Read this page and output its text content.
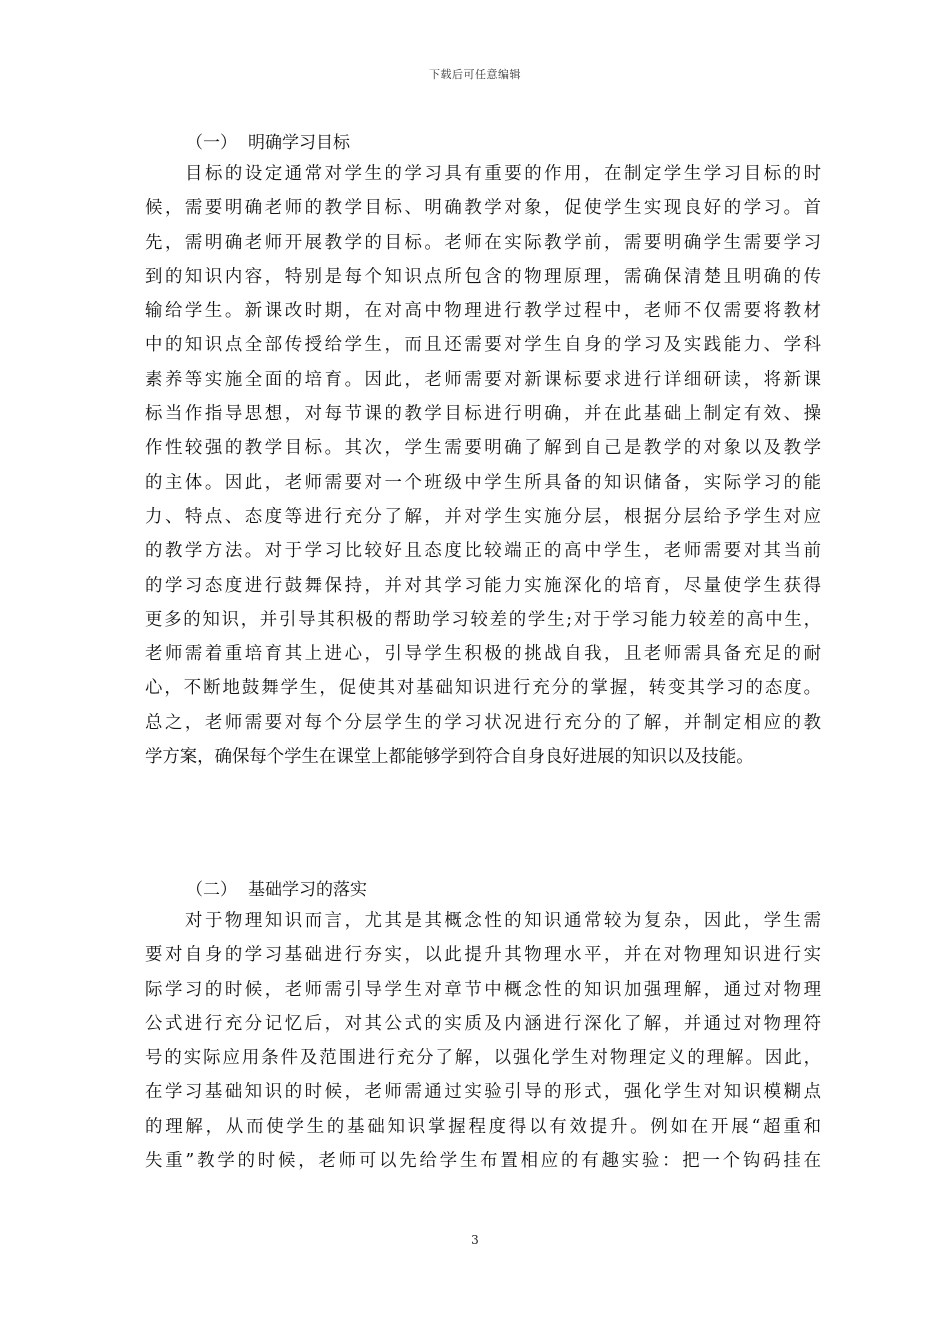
下载后可任意编辑
（一） 明确学习目标
目标的设定通常对学生的学习具有重要的作用，在制定学生学习目标的时
候，需要明确老师的教学目标、明确教学对象，促使学生实现良好的学习。首
先，需明确老师开展教学的目标。老师在实际教学前，需要明确学生需要学习
到的知识内容，特别是每个知识点所包含的物理原理，需确保清楚且明确的传
输给学生。新课改时期，在对高中物理进行教学过程中，老师不仅需要将教材
中的知识点全部传授给学生，而且还需要对学生自身的学习及实践能力、学科
素养等实施全面的培育。因此，老师需要对新课标要求进行详细研读，将新课
标当作指导思想，对每节课的教学目标进行明确，并在此基础上制定有效、操
作性较强的教学目标。其次，学生需要明确了解到自己是教学的对象以及教学
的主体。因此，老师需要对一个班级中学生所具备的知识储备，实际学习的能
力、特点、态度等进行充分了解，并对学生实施分层，根据分层给予学生对应
的教学方法。对于学习比较好且态度比较端正的高中学生，老师需要对其当前
的学习态度进行鼓舞保持，并对其学习能力实施深化的培育，尽量使学生获得
更多的知识，并引导其积极的帮助学习较差的学生;对于学习能力较差的高中生，
老师需着重培育其上进心，引导学生积极的挑战自我，且老师需具备充足的耐
心，不断地鼓舞学生，促使其对基础知识进行充分的掌握，转变其学习的态度。
总之，老师需要对每个分层学生的学习状况进行充分的了解，并制定相应的教
学方案，确保每个学生在课堂上都能够学到符合自身良好进展的知识以及技能。
（二） 基础学习的落实
对于物理知识而言，尤其是其概念性的知识通常较为复杂，因此，学生需
要对自身的学习基础进行夯实，以此提升其物理水平，并在对物理知识进行实
际学习的时候，老师需引导学生对章节中概念性的知识加强理解，通过对物理
公式进行充分记忆后，对其公式的实质及内涵进行深化了解，并通过对物理符
号的实际应用条件及范围进行充分了解，以强化学生对物理定义的理解。因此，
在学习基础知识的时候，老师需通过实验引导的形式，强化学生对知识模糊点
的理解，从而使学生的基础知识掌握程度得以有效提升。例如在开展“超重和
失重”教学的时候，老师可以先给学生布置相应的有趣实验：把一个钩码挂在
3
